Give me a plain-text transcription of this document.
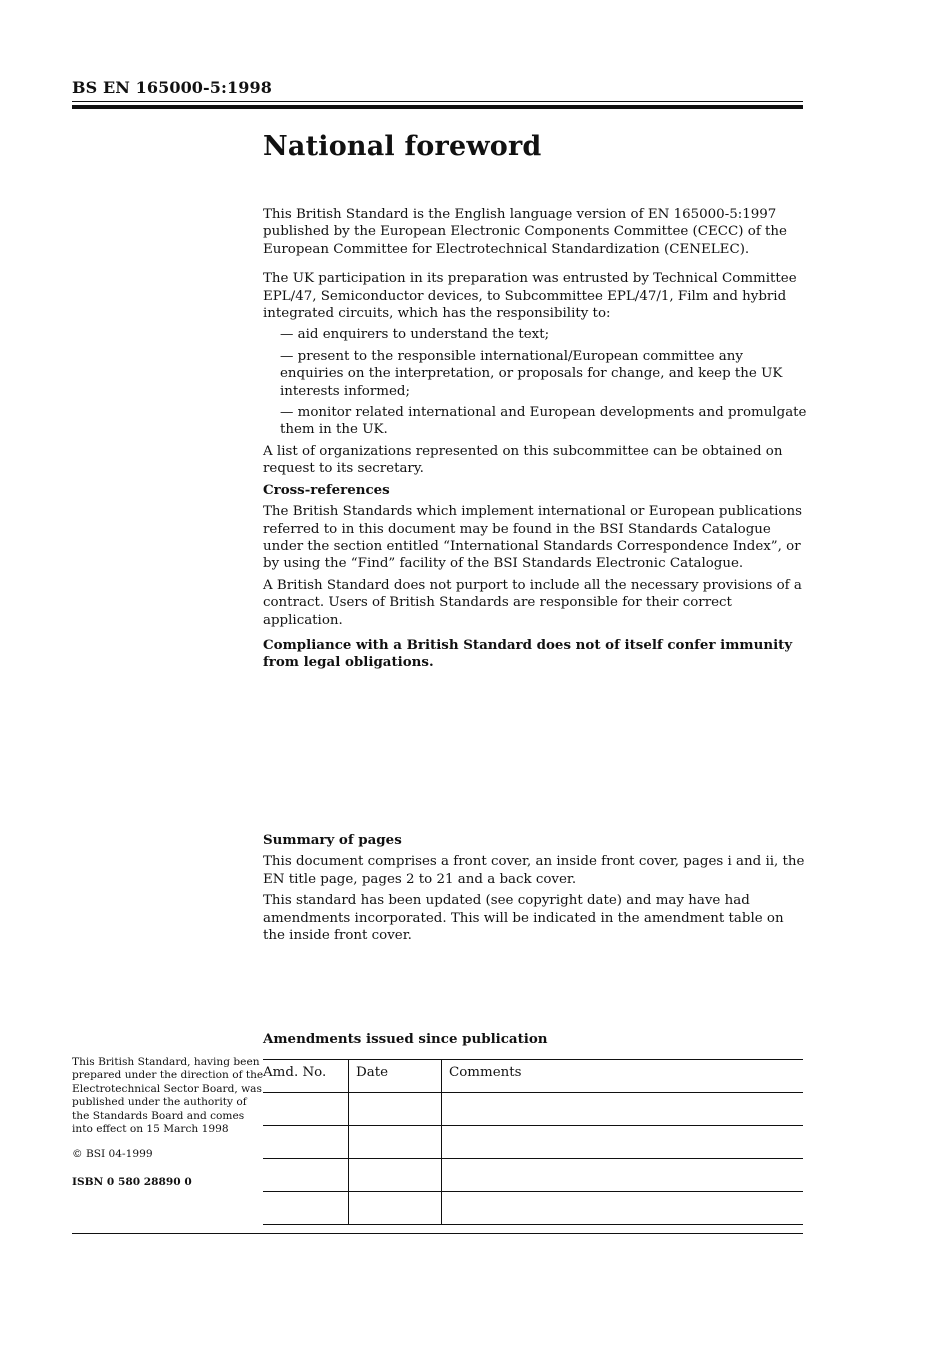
BS EN 165000-5:1998
National foreword

This British Standard is the English language version of EN 165000-5:1997 published by the European Electronic Components Committee (CECC) of the European Committee for Electrotechnical Standardization (CENELEC).

The UK participation in its preparation was entrusted by Technical Committee EPL/47, Semiconductor devices, to Subcommittee EPL/47/1, Film and hybrid integrated circuits, which has the responsibility to:

— aid enquirers to understand the text;
— present to the responsible international/European committee any enquiries on the interpretation, or proposals for change, and keep the UK interests informed;
— monitor related international and European developments and promulgate them in the UK.

A list of organizations represented on this subcommittee can be obtained on request to its secretary.

Cross-references

The British Standards which implement international or European publications referred to in this document may be found in the BSI Standards Catalogue under the section entitled “International Standards Correspondence Index”, or by using the “Find” facility of the BSI Standards Electronic Catalogue.

A British Standard does not purport to include all the necessary provisions of a contract. Users of British Standards are responsible for their correct application.

Compliance with a British Standard does not of itself confer immunity from legal obligations.

Summary of pages

This document comprises a front cover, an inside front cover, pages i and ii, the EN title page, pages 2 to 21 and a back cover.

This standard has been updated (see copyright date) and may have had amendments incorporated. This will be indicated in the amendment table on the inside front cover.

Amendments issued since publication
Amd. No.	Date	Comments

This British Standard, having been prepared under the direction of the Electrotechnical Sector Board, was published under the authority of the Standards Board and comes into effect on 15 March 1998

© BSI 04-1999

ISBN 0 580 28890 0
